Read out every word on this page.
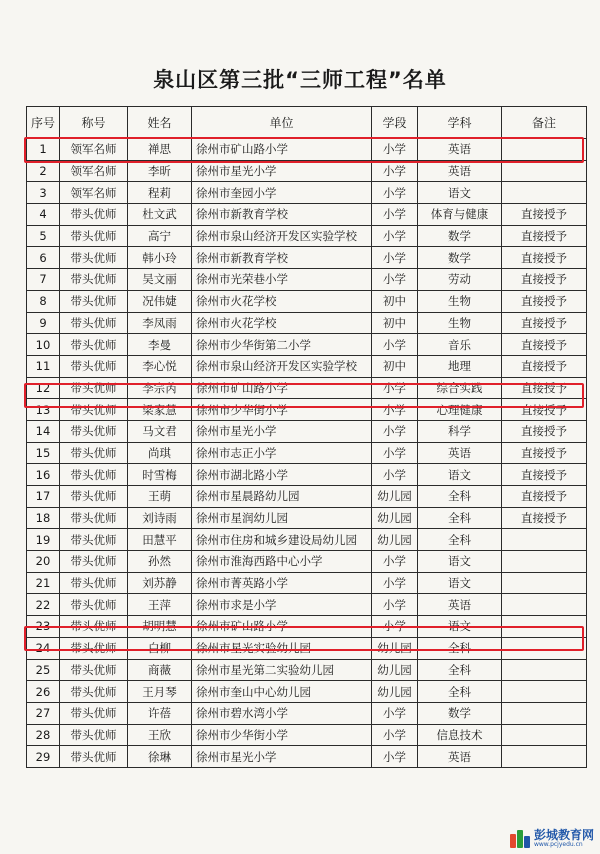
泉山区第三批“三师工程”名单
序号	称号	姓名	单位	学段	学科	备注
1	领军名师	禅思	徐州市矿山路小学	小学	英语	
2	领军名师	李昕	徐州市星光小学	小学	英语	
3	领军名师	程莉	徐州市奎园小学	小学	语文	
4	带头优师	杜文武	徐州市新教育学校	小学	体育与健康	直接授予
5	带头优师	高宁	徐州市泉山经济开发区实验学校	小学	数学	直接授予
6	带头优师	韩小玲	徐州市新教育学校	小学	数学	直接授予
7	带头优师	吴文丽	徐州市光荣巷小学	小学	劳动	直接授予
8	带头优师	况伟婕	徐州市火花学校	初中	生物	直接授予
9	带头优师	李凤雨	徐州市火花学校	初中	生物	直接授予
10	带头优师	李曼	徐州市少华街第二小学	小学	音乐	直接授予
11	带头优师	李心悦	徐州市泉山经济开发区实验学校	初中	地理	直接授予
12	带头优师	李宗芮	徐州市矿山路小学	小学	综合实践	直接授予
13	带头优师	梁家慧	徐州市少华街小学	小学	心理健康	直接授予
14	带头优师	马文君	徐州市星光小学	小学	科学	直接授予
15	带头优师	尚琪	徐州市志正小学	小学	英语	直接授予
16	带头优师	时雪梅	徐州市湖北路小学	小学	语文	直接授予
17	带头优师	王萌	徐州市星晨路幼儿园	幼儿园	全科	直接授予
18	带头优师	刘诗雨	徐州市星润幼儿园	幼儿园	全科	直接授予
19	带头优师	田慧平	徐州市住房和城乡建设局幼儿园	幼儿园	全科	
20	带头优师	孙然	徐州市淮海西路中心小学	小学	语文	
21	带头优师	刘苏静	徐州市菁英路小学	小学	语文	
22	带头优师	王萍	徐州市求是小学	小学	英语	
23	带头优师	胡明慧	徐州市矿山路小学	小学	语文	
24	带头优师	白柳	徐州市星光实验幼儿园	幼儿园	全科	
25	带头优师	商薇	徐州市星光第二实验幼儿园	幼儿园	全科	
26	带头优师	王月琴	徐州市奎山中心幼儿园	幼儿园	全科	
27	带头优师	许蓓	徐州市碧水湾小学	小学	数学	
28	带头优师	王欣	徐州市少华街小学	小学	信息技术	
29	带头优师	徐琳	徐州市星光小学	小学	英语	
彭城教育网
www.pcjyedu.cn
